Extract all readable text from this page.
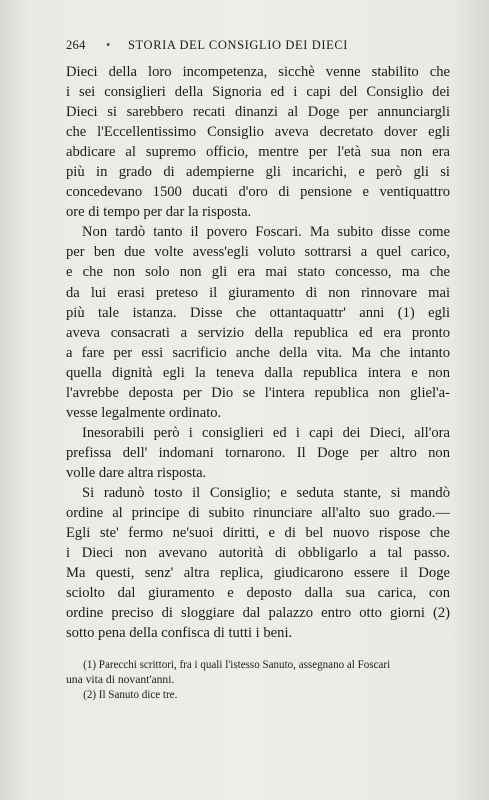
264	•	STORIA DEL CONSIGLIO DEI DIECI
Dieci della loro incompetenza, sicchè venne stabilito che
i sei consiglieri della Signoria ed i capi del Consiglio dei
Dieci si sarebbero recati dinanzi al Doge per annunciargli
che l'Eccellentissimo Consiglio aveva decretato dover egli
abdicare al supremo officio, mentre per l'età sua non era
più in grado di adempierne gli incarichi, e però gli si
concedevano 1500 ducati d'oro di pensione e ventiquattro
ore di tempo per dar la risposta.
Non tardò tanto il povero Foscari. Ma subito disse come
per ben due volte avess'egli voluto sottrarsi a quel carico,
e che non solo non gli era mai stato concesso, ma che
da lui erasi preteso il giuramento di non rinnovare mai
più tale istanza. Disse che ottantaquattr' anni (1) egli
aveva consacrati a servizio della republica ed era pronto
a fare per essi sacrificio anche della vita. Ma che intanto
quella dignità egli la teneva dalla republica intera e non
l'avrebbe deposta per Dio se l'intera republica non gliel'a-
vesse legalmente ordinato.
Inesorabili però i consiglieri ed i capi dei Dieci, all'ora
prefissa dell' indomani tornarono. Il Doge per altro non
volle dare altra risposta.
Si radunò tosto il Consiglio; e seduta stante, si mandò
ordine al principe di subito rinunciare all'alto suo grado.—
Egli ste' fermo ne'suoi diritti, e di bel nuovo rispose che
i Dieci non avevano autorità di obbligarlo a tal passo.
Ma questi, senz' altra replica, giudicarono essere il Doge
sciolto dal giuramento e deposto dalla sua carica, con
ordine preciso di sloggiare dal palazzo entro otto giorni (2)
sotto pena della confisca di tutti i beni.
(1) Parecchi scrittori, fra i quali l'istesso Sanuto, assegnano al Foscari
una vita di novant'anni.
(2) Il Sanuto dice tre.
